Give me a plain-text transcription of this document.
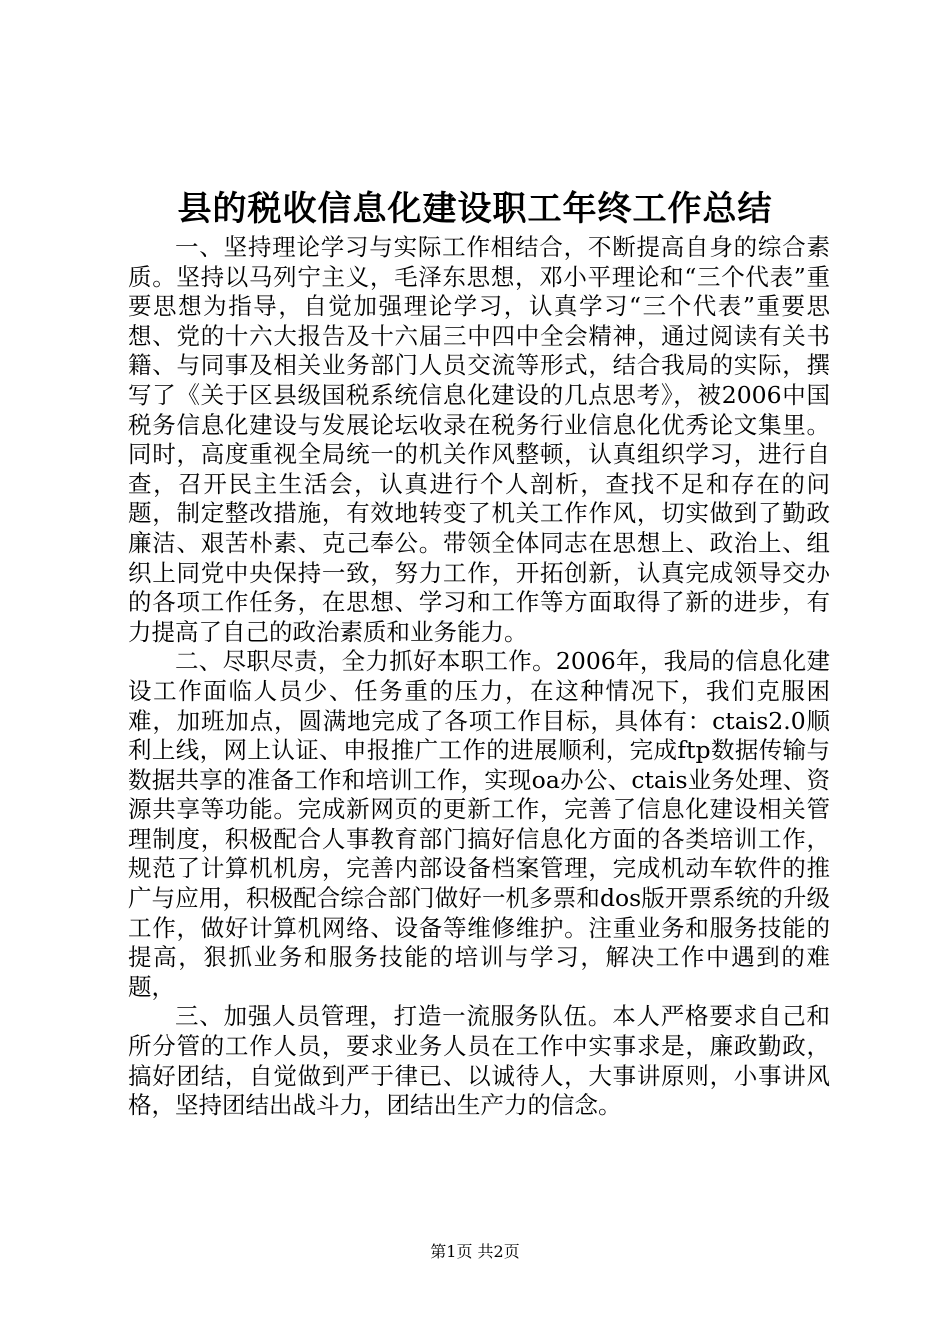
县的税收信息化建设职工年终工作总结

一、坚持理论学习与实际工作相结合，不断提高自身的综合素质。坚持以马列宁主义，毛泽东思想，邓小平理论和“三个代表”重要思想为指导，自觉加强理论学习，认真学习“三个代表”重要思想、党的十六大报告及十六届三中四中全会精神，通过阅读有关书籍、与同事及相关业务部门人员交流等形式，结合我局的实际，撰写了《关于区县级国税系统信息化建设的几点思考》，被2006中国税务信息化建设与发展论坛收录在税务行业信息化优秀论文集里。同时，高度重视全局统一的机关作风整顿，认真组织学习，进行自查，召开民主生活会，认真进行个人剖析，查找不足和存在的问题，制定整改措施，有效地转变了机关工作作风，切实做到了勤政廉洁、艰苦朴素、克己奉公。带领全体同志在思想上、政治上、组织上同党中央保持一致，努力工作，开拓创新，认真完成领导交办的各项工作任务，在思想、学习和工作等方面取得了新的进步，有力提高了自己的政治素质和业务能力。

二、尽职尽责，全力抓好本职工作。2006年，我局的信息化建设工作面临人员少、任务重的压力，在这种情况下，我们克服困难，加班加点，圆满地完成了各项工作目标，具体有：ctais2.0顺利上线，网上认证、申报推广工作的进展顺利，完成ftp数据传输与数据共享的准备工作和培训工作，实现oa办公、ctais业务处理、资源共享等功能。完成新网页的更新工作，完善了信息化建设相关管理制度，积极配合人事教育部门搞好信息化方面的各类培训工作，规范了计算机机房，完善内部设备档案管理，完成机动车软件的推广与应用，积极配合综合部门做好一机多票和dos版开票系统的升级工作，做好计算机网络、设备等维修维护。注重业务和服务技能的提高，狠抓业务和服务技能的培训与学习，解决工作中遇到的难题，

三、加强人员管理，打造一流服务队伍。本人严格要求自己和所分管的工作人员，要求业务人员在工作中实事求是，廉政勤政，搞好团结，自觉做到严于律已、以诚待人，大事讲原则，小事讲风格，坚持团结出战斗力，团结出生产力的信念。

第1页 共2页
